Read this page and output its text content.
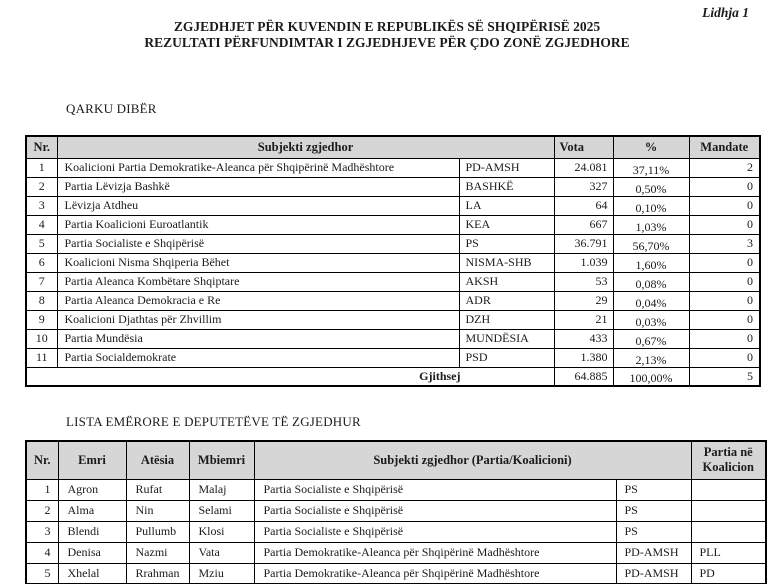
Lidhja 1
ZGJEDHJET PËR KUVENDIN E REPUBLIKËS SË SHQIPËRISË 2025
REZULTATI PËRFUNDIMTAR I ZGJEDHJEVE PËR ÇDO ZONË ZGJEDHORE
QARKU DIBËR
Nr.	Subjekti zgjedhor		Vota	%	Mandate
1	Koalicioni Partia Demokratike-Aleanca për Shqipërinë Madhështore	PD-AMSH	24.081	37,11%	2
2	Partia Lëvizja Bashkë	BASHKË	327	0,50%	0
3	Lëvizja Atdheu	LA	64	0,10%	0
4	Partia Koalicioni Euroatlantik	KEA	667	1,03%	0
5	Partia Socialiste e Shqipërisë	PS	36.791	56,70%	3
6	Koalicioni Nisma Shqiperia Bëhet	NISMA-SHB	1.039	1,60%	0
7	Partia Aleanca Kombëtare Shqiptare	AKSH	53	0,08%	0
8	Partia Aleanca Demokracia e Re	ADR	29	0,04%	0
9	Koalicioni Djathtas për Zhvillim	DZH	21	0,03%	0
10	Partia Mundësia	MUNDËSIA	433	0,67%	0
11	Partia Socialdemokrate	PSD	1.380	2,13%	0
Gjithsej			64.885	100,00%	5
LISTA EMËRORE E DEPUTETËVE TË ZGJEDHUR
Nr.	Emri	Atësia	Mbiemri	Subjekti zgjedhor (Partia/Koalicioni)		Partia në Koalicion
1	Agron	Rufat	Malaj	Partia Socialiste e Shqipërisë	PS	
2	Alma	Nin	Selami	Partia Socialiste e Shqipërisë	PS	
3	Blendi	Pullumb	Klosi	Partia Socialiste e Shqipërisë	PS	
4	Denisa	Nazmi	Vata	Partia Demokratike-Aleanca për Shqipërinë Madhështore	PD-AMSH	PLL
5	Xhelal	Rrahman	Mziu	Partia Demokratike-Aleanca për Shqipërinë Madhështore	PD-AMSH	PD
